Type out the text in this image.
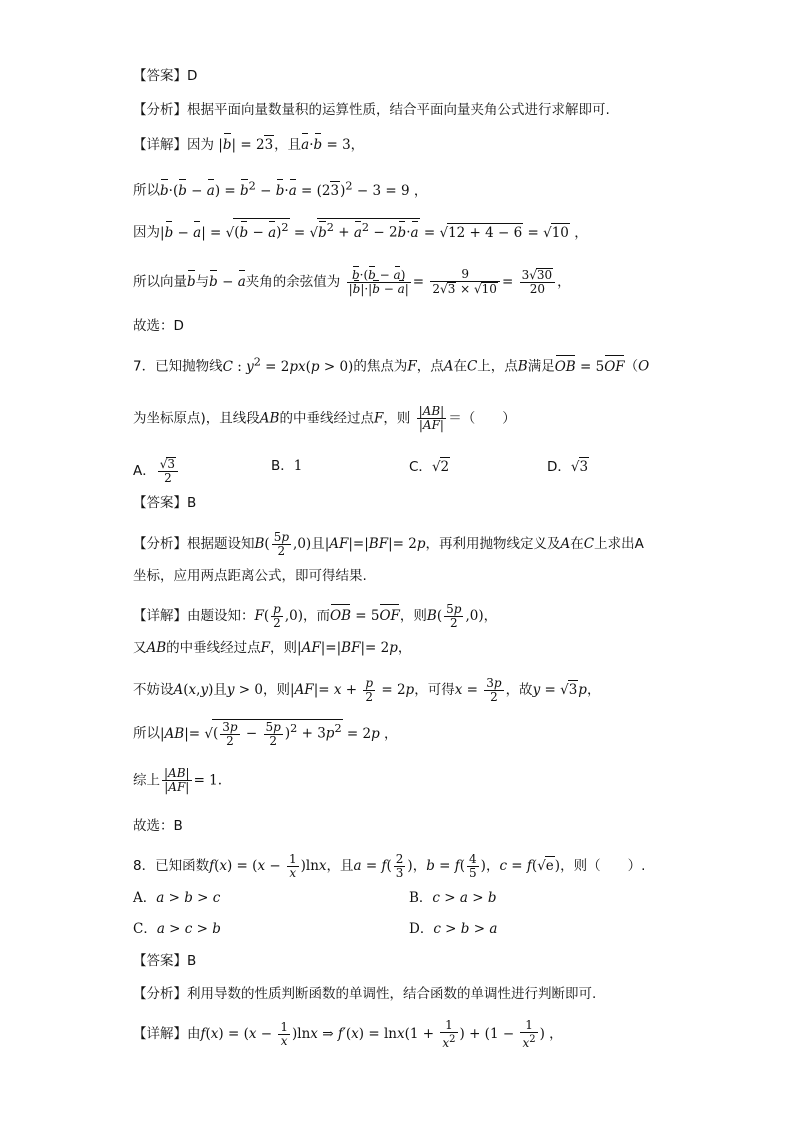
【答案】D
【分析】根据平面向量数量积的运算性质，结合平面向量夹角公式进行求解即可.
【详解】因为 |b| = 23，且a·b = 3，
所以$b\cdot(b - a) = b^2 - b\cdot a = (23)^2 - 3 = 9$ ，
因为$|b - a| = √(b - a)^2 = √b^2 + a^2 - 2b\cdot a = √12 + 4 - 6 = √10$ ，
所以向量b与b − a夹角的余弦值为 $\frac{b\cdot(b - a)}{|b|\cdot|b - a|} = \frac{9}{2√3 \times √10} = \frac{3√30}{20}$ ，
故选：D
7．已知抛物线C : $y^2 = 2px(p > 0)$的焦点为F，点A在C上，点B满足OB = 5OF（O
为坐标原点)，且线段AB的中垂线经过点F，则 $\frac{|AB|}{|AF|}$ ＝（　　）
A． $\frac{√3}{2}$	B．1	C．√2	D．√3
【答案】B
【分析】根据题设知$B( \frac{5p}{2} ,0)$且|AF|=|BF|= 2p，再利用抛物线定义及A在C上求出A
坐标，应用两点距离公式，即可得结果.
【详解】由题设知：$F( \frac{p}{2} ,0)$，而OB = 5OF，则$B( \frac{5p}{2} ,0)$，
又AB的中垂线经过点F，则|AF|=|BF|= 2p，
不妨设A(x,y)且y > 0，则$|AF|= x + \frac{p}{2} = 2p$，可得$x = \frac{3p}{2}$ ，故y = √3p，
所以|AB|= √( $\frac{3p}{2} - \frac{5p}{2} )^2 + 3p^2 = 2p$ ，
综上 $\frac{|AB|}{|AF|} = 1$.
故选：B
8．已知函数$f(x) = (x - \frac{1}{x} )\ln x$，且$a = f( \frac{2}{3}$ )，$b = f( \frac{4}{5}$ )，c = f(√e)，则（　　）.
A．a > b > c	B．c > a > b
C．a > c > b	D．c > b > a
【答案】B
【分析】利用导数的性质判断函数的单调性，结合函数的单调性进行判断即可.
【详解】由$f(x) = (x - \frac{1}{x} )\ln x$ ⇒ $f'(x) = \ln x(1 + \frac{1}{x^2}$ ) + ($1 - \frac{1}{x^2}$ ) ，
